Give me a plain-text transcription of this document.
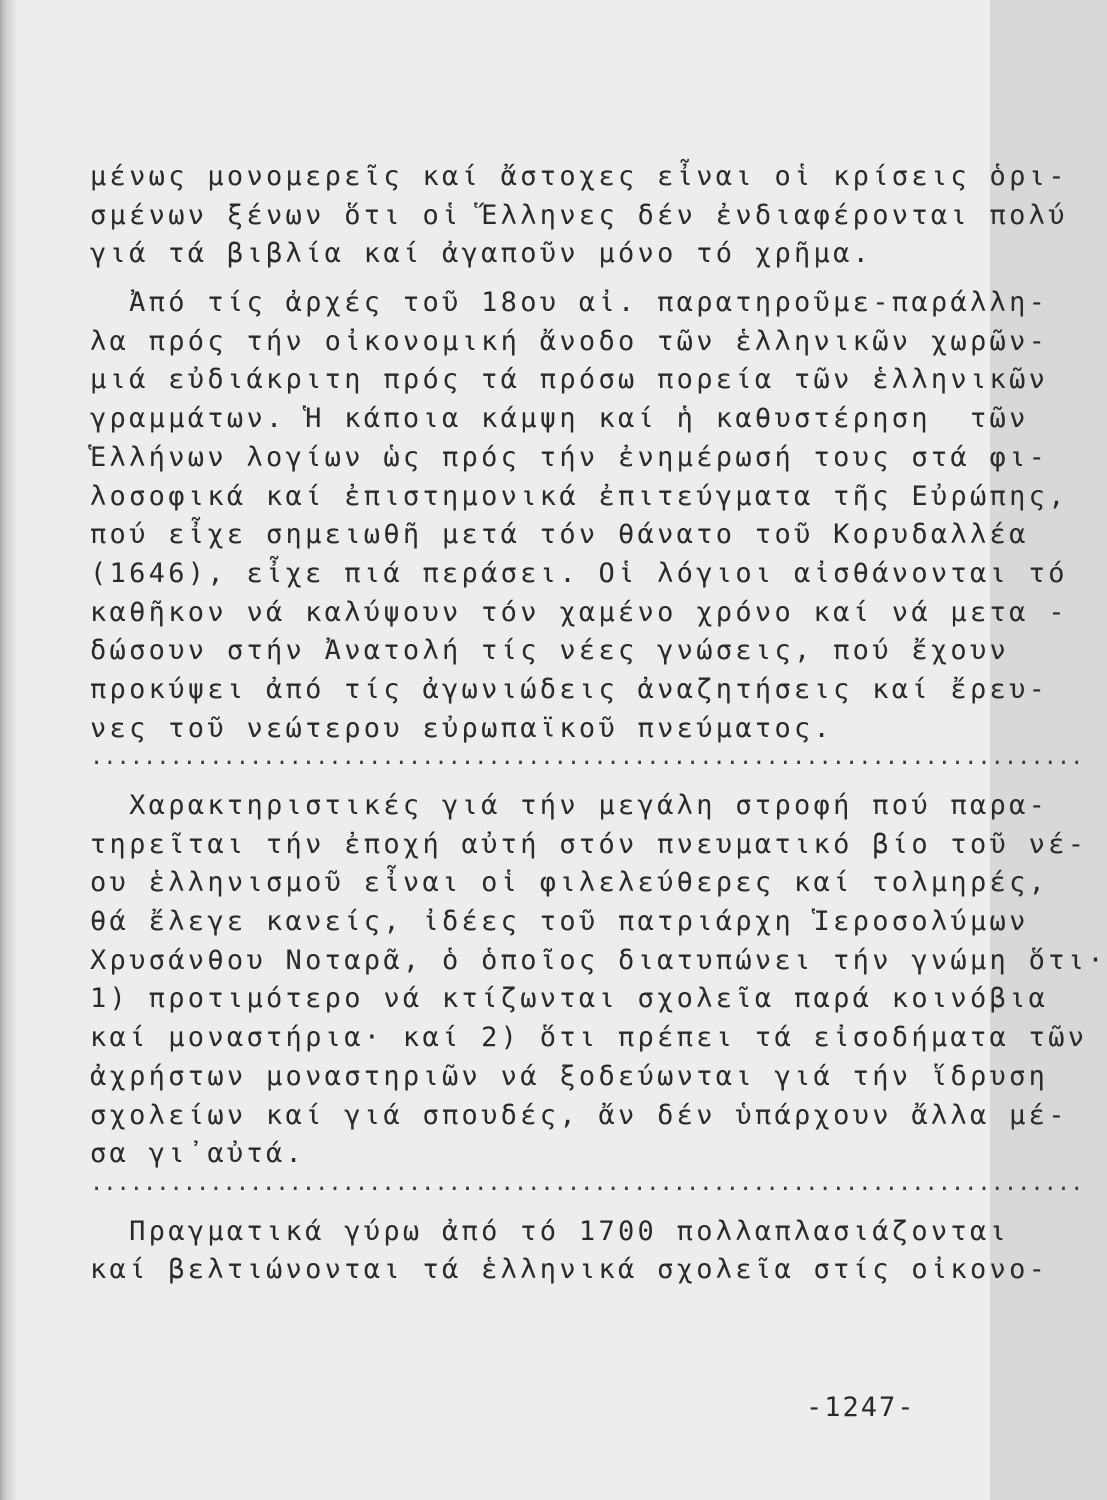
μένως μονομερεῖς καί ἄστοχες εἶναι οἱ κρίσεις ὁρι-
σμένων ξένων ὅτι οἱ Ἕλληνες δέν ἐνδιαφέρονται πολύ
γιά τά βιβλία καί ἀγαποῦν μόνο τό χρῆμα.
Ἀπό τίς ἀρχές τοῦ 18ου αἰ. παρατηροῦμε-παράλλη-
λα πρός τήν οἰκονομική ἄνοδο τῶν ἑλληνικῶν χωρῶν-
μιά εὐδιάκριτη πρός τά πρόσω πορεία τῶν ἑλληνικῶν
γραμμάτων. Ἡ κάποια κάμψη καί ἡ καθυστέρηση  τῶν
Ἑλλήνων λογίων ὡς πρός τήν ἐνημέρωσή τους στά φι-
λοσοφικά καί ἐπιστημονικά ἐπιτεύγματα τῆς Εὐρώπης,
πού εἶχε σημειωθῆ μετά τόν θάνατο τοῦ Κορυδαλλέα
(1646), εἶχε πιά περάσει. Οἱ λόγιοι αἰσθάνονται τό
καθῆκον νά καλύψουν τόν χαμένο χρόνο καί νά μετα -
δώσουν στήν Ἀνατολή τίς νέες γνώσεις, πού ἔχουν
προκύψει ἀπό τίς ἀγωνιώδεις ἀναζητήσεις καί ἔρευ-
νες τοῦ νεώτερου εὐρωπαϊκοῦ πνεύματος.
...........................................................................
Χαρακτηριστικές γιά τήν μεγάλη στροφή πού παρα-
τηρεῖται τήν ἐποχή αὐτή στόν πνευματικό βίο τοῦ νέ-
ου ἑλληνισμοῦ εἶναι οἱ φιλελεύθερες καί τολμηρές,
θά ἔλεγε κανείς, ἰδέες τοῦ πατριάρχη Ἱεροσολύμων
Χρυσάνθου Νοταρᾶ, ὁ ὁποῖος διατυπώνει τήν γνώμη ὅτι·
1) προτιμότερο νά κτίζωνται σχολεῖα παρά κοινόβια
καί μοναστήρια· καί 2) ὅτι πρέπει τά εἰσοδήματα τῶν
ἀχρήστων μοναστηριῶν νά ξοδεύωνται γιά τήν ἵδρυση
σχολείων καί γιά σπουδές, ἄν δέν ὑπάρχουν ἄλλα μέ-
σα γι᾽αὐτά.
...........................................................................
Πραγματικά γύρω ἀπό τό 1700 πολλαπλασιάζονται
καί βελτιώνονται τά ἑλληνικά σχολεῖα στίς οἰκονο-
-1247-
